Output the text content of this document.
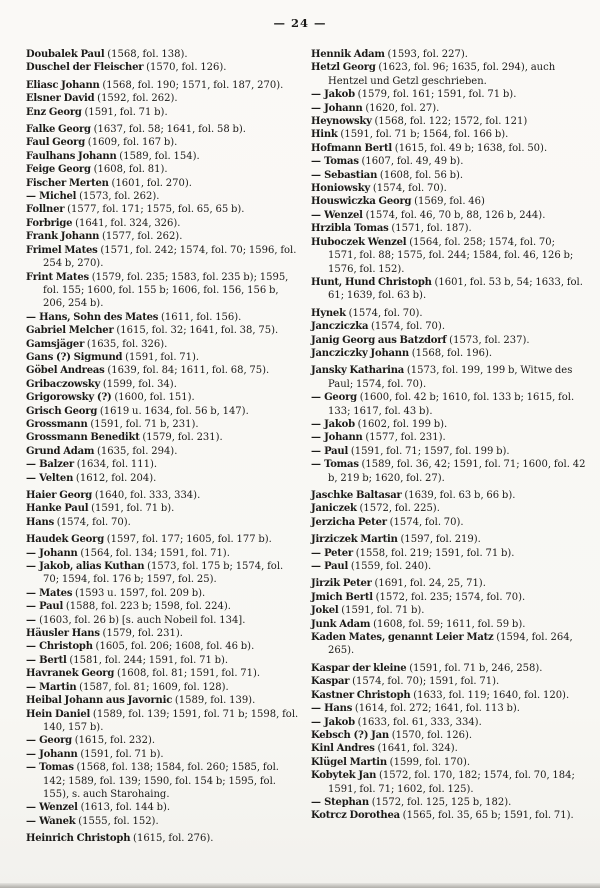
— 24 —

Doubalek Paul (1568, fol. 138).

Duschel der Fleischer (1570, fol. 126).

Eliasc Johann (1568, fol. 190; 1571, fol. 187, 270).

Elsner David (1592, fol. 262).

Enz Georg (1591, fol. 71 b).

Falke Georg (1637, fol. 58; 1641, fol. 58 b).

Faul Georg (1609, fol. 167 b).

Faulhans Johann (1589, fol. 154).

Feige Georg (1608, fol. 81).

Fischer Merten (1601, fol. 270).

— Michel (1573, fol. 262).

Follner (1577, fol. 171; 1575, fol. 65, 65 b).

Forbrige (1641, fol. 324, 326).

Frank Johann (1577, fol. 262).

Frimel Mates (1571, fol. 242; 1574, fol. 70; 1596, fol. 254 b, 270).

Frint Mates (1579, fol. 235; 1583, fol. 235 b); 1595, fol. 155; 1600, fol. 155 b; 1606, fol. 156, 156 b, 206, 254 b).

— Hans, Sohn des Mates (1611, fol. 156).

Gabriel Melcher (1615, fol. 32; 1641, fol. 38, 75).

Gamsjäger (1635, fol. 326).

Gans (?) Sigmund (1591, fol. 71).

Göbel Andreas (1639, fol. 84; 1611, fol. 68, 75).

Gribaczowsky (1599, fol. 34).

Grigorowsky (?) (1600, fol. 151).

Grisch Georg (1619 u. 1634, fol. 56 b, 147).

Grossmann (1591, fol. 71 b, 231).

Grossmann Benedikt (1579, fol. 231).

Grund Adam (1635, fol. 294).

— Balzer (1634, fol. 111).

— Velten (1612, fol. 204).

Haier Georg (1640, fol. 333, 334).

Hanke Paul (1591, fol. 71 b).

Hans (1574, fol. 70).

Haudek Georg (1597, fol. 177; 1605, fol. 177 b).

— Johann (1564, fol. 134; 1591, fol. 71).

— Jakob, alias Kuthan (1573, fol. 175 b; 1574, fol. 70; 1594, fol. 176 b; 1597, fol. 25).

— Mates (1593 u. 1597, fol. 209 b).

— Paul (1588, fol. 223 b; 1598, fol. 224).

— (1603, fol. 26 b) [s. auch Nobeil fol. 134].

Häusler Hans (1579, fol. 231).

— Christoph (1605, fol. 206; 1608, fol. 46 b).

— Bertl (1581, fol. 244; 1591, fol. 71 b).

Havranek Georg (1608, fol. 81; 1591, fol. 71).

— Martin (1587, fol. 81; 1609, fol. 128).

Heibal Johann aus Javornic (1589, fol. 139).

Hein Daniel (1589, fol. 139; 1591, fol. 71 b; 1598, fol. 140, 157 b).

— Georg (1615, fol. 232).

— Johann (1591, fol. 71 b).

— Tomas (1568, fol. 138; 1584, fol. 260; 1585, fol. 142; 1589, fol. 139; 1590, fol. 154 b; 1595, fol. 155), s. auch Starohaing.

— Wenzel (1613, fol. 144 b).

— Wanek (1555, fol. 152).

Heinrich Christoph (1615, fol. 276).

Hennik Adam (1593, fol. 227).

Hetzl Georg (1623, fol. 96; 1635, fol. 294), auch Hentzel und Getzl geschrieben.

— Jakob (1579, fol. 161; 1591, fol. 71 b).

— Johann (1620, fol. 27).

Heynowsky (1568, fol. 122; 1572, fol. 121)

Hink (1591, fol. 71 b; 1564, fol. 166 b).

Hofmann Bertl (1615, fol. 49 b; 1638, fol. 50).

— Tomas (1607, fol. 49, 49 b).

— Sebastian (1608, fol. 56 b).

Honiowsky (1574, fol. 70).

Houswiczka Georg (1569, fol. 46)

— Wenzel (1574, fol. 46, 70 b, 88, 126 b, 244).

Hrzibla Tomas (1571, fol. 187).

Huboczek Wenzel (1564, fol. 258; 1574, fol. 70; 1571, fol. 88; 1575, fol. 244; 1584, fol. 46, 126 b; 1576, fol. 152).

Hunt, Hund Christoph (1601, fol. 53 b, 54; 1633, fol. 61; 1639, fol. 63 b).

Hynek (1574, fol. 70).

Jancziczka (1574, fol. 70).

Janig Georg aus Batzdorf (1573, fol. 237).

Jancziczky Johann (1568, fol. 196).

Jansky Katharina (1573, fol. 199, 199 b, Witwe des Paul; 1574, fol. 70).

— Georg (1600, fol. 42 b; 1610, fol. 133 b; 1615, fol. 133; 1617, fol. 43 b).

— Jakob (1602, fol. 199 b).

— Johann (1577, fol. 231).

— Paul (1591, fol. 71; 1597, fol. 199 b).

— Tomas (1589, fol. 36, 42; 1591, fol. 71; 1600, fol. 42 b, 219 b; 1620, fol. 27).

Jaschke Baltasar (1639, fol. 63 b, 66 b).

Janiczek (1572, fol. 225).

Jerzicha Peter (1574, fol. 70).

Jirziczek Martin (1597, fol. 219).

— Peter (1558, fol. 219; 1591, fol. 71 b).

— Paul (1559, fol. 240).

Jirzik Peter (1691, fol. 24, 25, 71).

Jmich Bertl (1572, fol. 235; 1574, fol. 70).

Jokel (1591, fol. 71 b).

Junk Adam (1608, fol. 59; 1611, fol. 59 b).

Kaden Mates, genannt Leier Matz (1594, fol. 264, 265).

Kaspar der kleine (1591, fol. 71 b, 246, 258).

Kaspar (1574, fol. 70); 1591, fol. 71).

Kastner Christoph (1633, fol. 119; 1640, fol. 120).

— Hans (1614, fol. 272; 1641, fol. 113 b).

— Jakob (1633, fol. 61, 333, 334).

Kebsch (?) Jan (1570, fol. 126).

Kinl Andres (1641, fol. 324).

Klügel Martin (1599, fol. 170).

Kobytek Jan (1572, fol. 170, 182; 1574, fol. 70, 184; 1591, fol. 71; 1602, fol. 125).

— Stephan (1572, fol. 125, 125 b, 182).

Kotrcz Dorothea (1565, fol. 35, 65 b; 1591, fol. 71).
